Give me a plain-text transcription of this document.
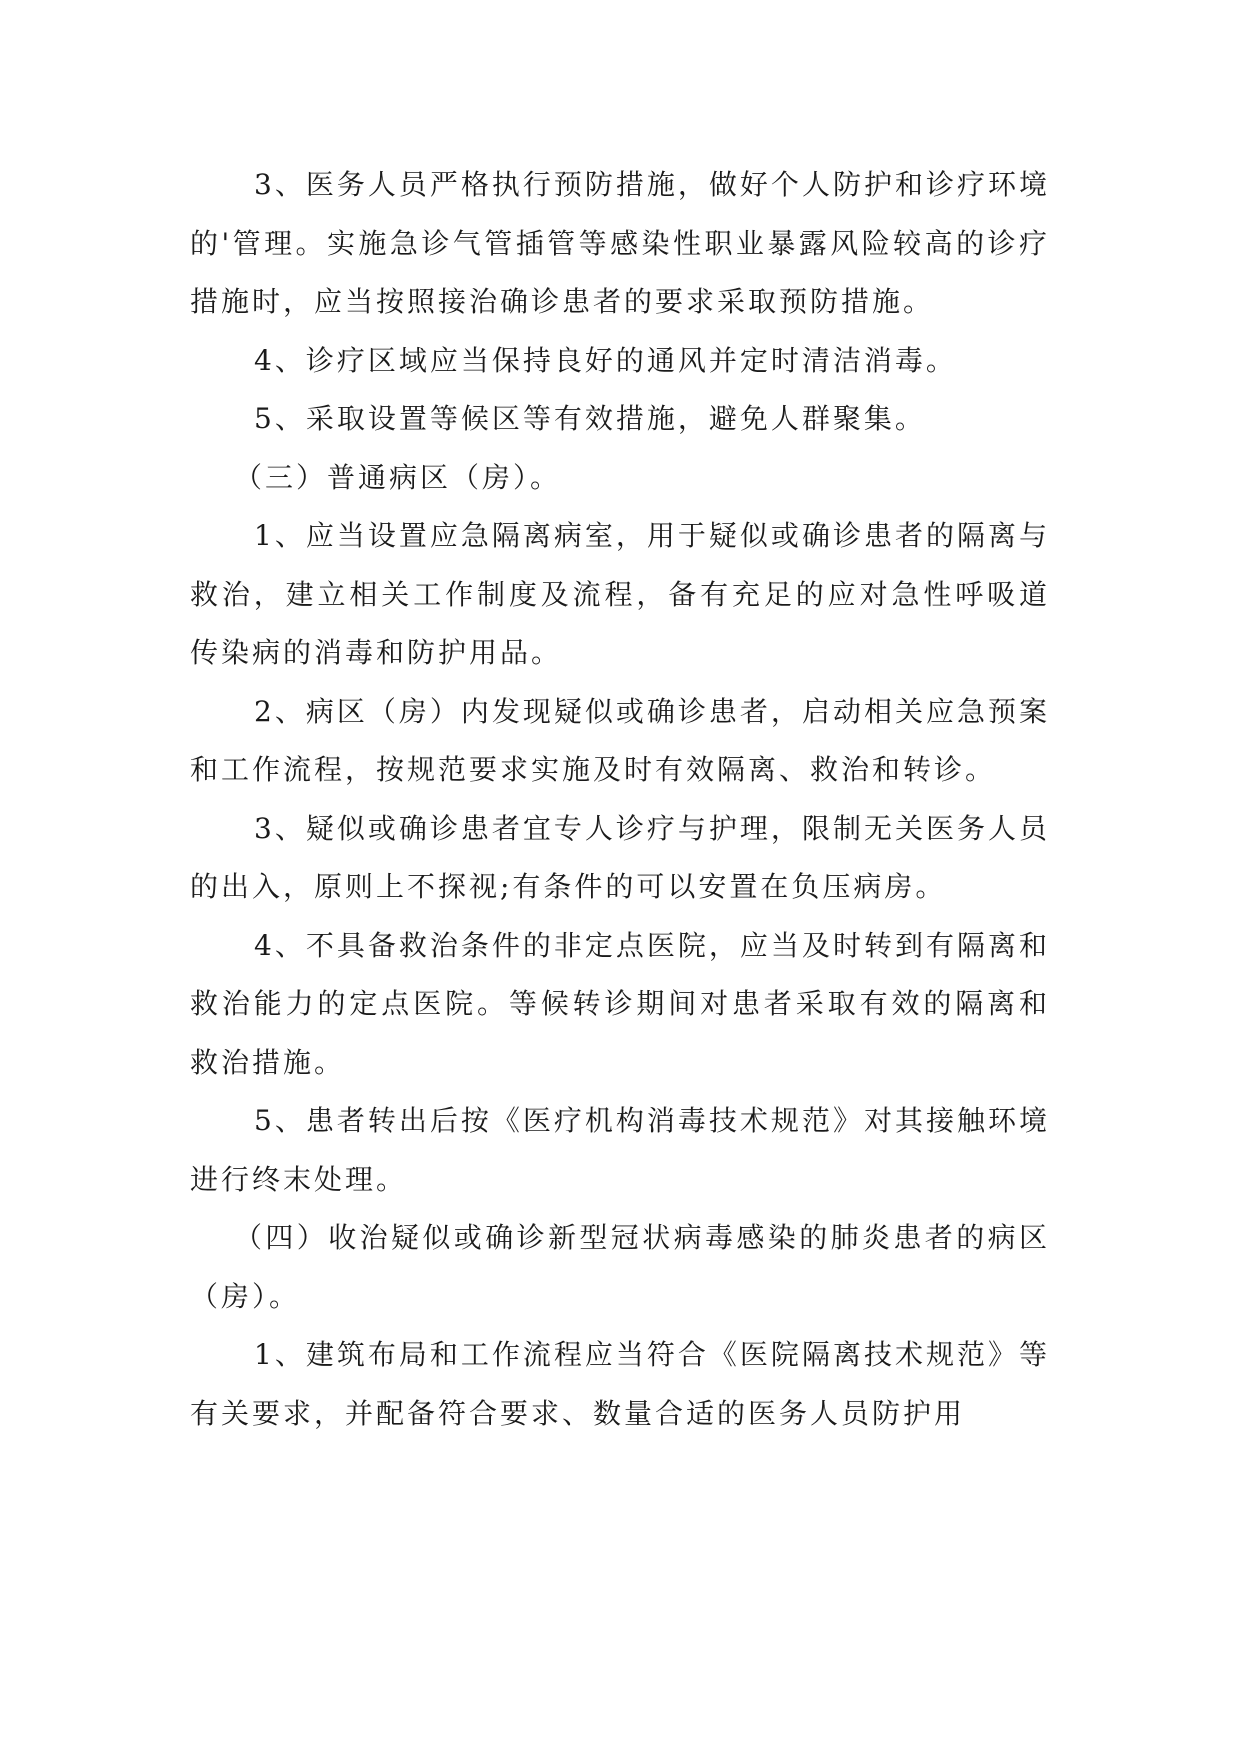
3、医务人员严格执行预防措施，做好个人防护和诊疗环境的'管理。实施急诊气管插管等感染性职业暴露风险较高的诊疗措施时，应当按照接治确诊患者的要求采取预防措施。

4、诊疗区域应当保持良好的通风并定时清洁消毒。

5、采取设置等候区等有效措施，避免人群聚集。

（三）普通病区（房）。

1、应当设置应急隔离病室，用于疑似或确诊患者的隔离与救治，建立相关工作制度及流程，备有充足的应对急性呼吸道传染病的消毒和防护用品。

2、病区（房）内发现疑似或确诊患者，启动相关应急预案和工作流程，按规范要求实施及时有效隔离、救治和转诊。

3、疑似或确诊患者宜专人诊疗与护理，限制无关医务人员的出入，原则上不探视;有条件的可以安置在负压病房。

4、不具备救治条件的非定点医院，应当及时转到有隔离和救治能力的定点医院。等候转诊期间对患者采取有效的隔离和救治措施。

5、患者转出后按《医疗机构消毒技术规范》对其接触环境进行终末处理。

（四）收治疑似或确诊新型冠状病毒感染的肺炎患者的病区（房）。

1、建筑布局和工作流程应当符合《医院隔离技术规范》等有关要求，并配备符合要求、数量合适的医务人员防护用
